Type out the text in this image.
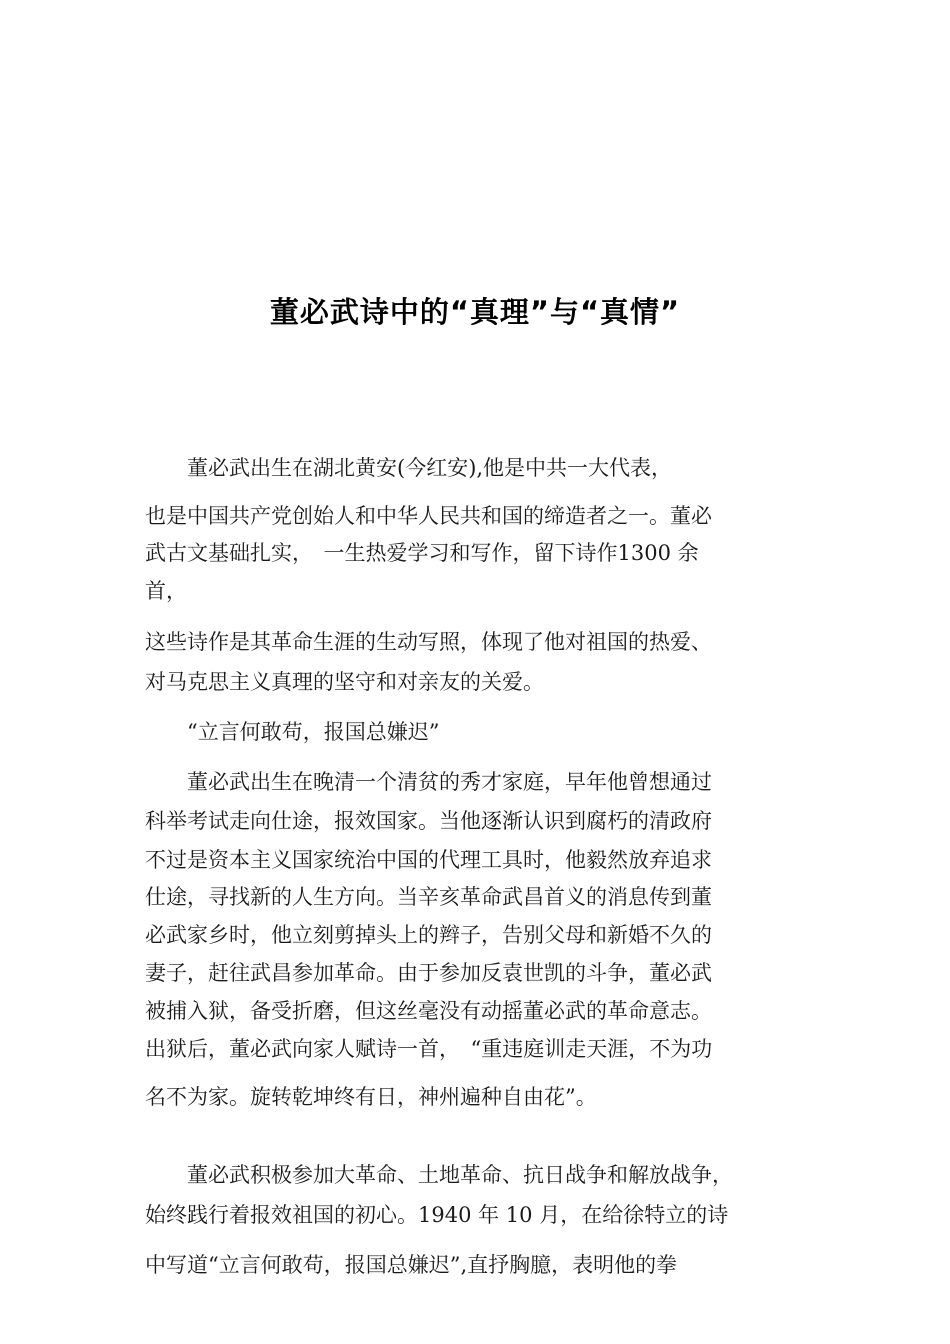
董必武诗中的“真理”与“真情”
　　董必武出生在湖北黄安(今红安),他是中共一大代表，
也是中国共产党创始人和中华人民共和国的缔造者之一。董必
武古文基础扎实，　一生热爱学习和写作，留下诗作1300 余
首，
这些诗作是其革命生涯的生动写照，体现了他对祖国的热爱、
对马克思主义真理的坚守和对亲友的关爱。
　　“立言何敢苟，报国总嫌迟”
　　董必武出生在晚清一个清贫的秀才家庭，早年他曾想通过
科举考试走向仕途，报效国家。当他逐渐认识到腐朽的清政府
不过是资本主义国家统治中国的代理工具时，他毅然放弃追求
仕途，寻找新的人生方向。当辛亥革命武昌首义的消息传到董
必武家乡时，他立刻剪掉头上的辫子，告别父母和新婚不久的
妻子，赶往武昌参加革命。由于参加反袁世凯的斗争，董必武
被捕入狱，备受折磨，但这丝毫没有动摇董必武的革命意志。
出狱后，董必武向家人赋诗一首，　“重违庭训走天涯，不为功
名不为家。旋转乾坤终有日，神州遍种自由花”。
　　董必武积极参加大革命、土地革命、抗日战争和解放战争，
始终践行着报效祖国的初心。1940 年 10 月，在给徐特立的诗
中写道“立言何敢苟，报国总嫌迟”,直抒胸臆，表明他的拳
